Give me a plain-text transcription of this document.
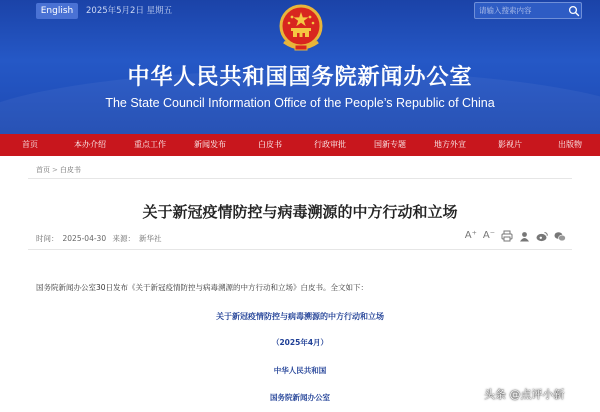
English	2025年5月2日 星期五
请输入搜索内容
中华人民共和国国务院新闻办公室
The State Council Information Office of the People’s Republic of China
首页	本办介绍	重点工作	新闻发布	白皮书	行政审批	国新专题	地方外宣	影视片	出版物
首页 > 白皮书
关于新冠疫情防控与病毒溯源的中方行动和立场
时间： 2025-04-30 来源： 新华社	A⁺ A⁻
国务院新闻办公室30日发布《关于新冠疫情防控与病毒溯源的中方行动和立场》白皮书。全文如下：
关于新冠疫情防控与病毒溯源的中方行动和立场
（2025年4月）
中华人民共和国
国务院新闻办公室	头条 @点评小新
